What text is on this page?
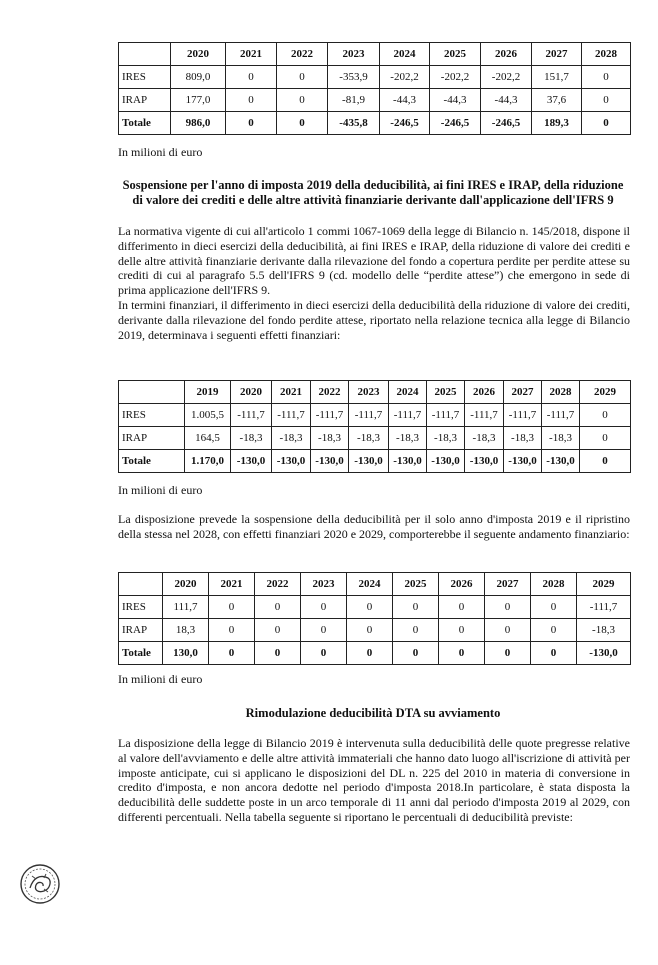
	2020	2021	2022	2023	2024	2025	2026	2027	2028
IRES	809,0	0	0	-353,9	-202,2	-202,2	-202,2	151,7	0
IRAP	177,0	0	0	-81,9	-44,3	-44,3	-44,3	37,6	0
Totale	986,0	0	0	-435,8	-246,5	-246,5	-246,5	189,3	0
In milioni di euro
Sospensione per l'anno di imposta 2019 della deducibilità, ai fini IRES e IRAP, della riduzione di valore dei crediti e delle altre attività finanziarie derivante dall'applicazione dell'IFRS 9

La normativa vigente di cui all'articolo 1 commi 1067-1069 della legge di Bilancio n. 145/2018, dispone il differimento in dieci esercizi della deducibilità, ai fini IRES e IRAP, della riduzione di valore dei crediti e delle altre attività finanziarie derivante dalla rilevazione del fondo a copertura perdite per perdite attese su crediti di cui al paragrafo 5.5 dell'IFRS 9 (cd. modello delle “perdite attese”) che emergono in sede di prima applicazione dell'IFRS 9.

In termini finanziari, il differimento in dieci esercizi della deducibilità della riduzione di valore dei crediti, derivante dalla rilevazione del fondo perdite attese, riportato nella relazione tecnica alla legge di Bilancio 2019, determinava i seguenti effetti finanziari:

	2019	2020	2021	2022	2023	2024	2025	2026	2027	2028	2029
IRES	1.005,5	-111,7	-111,7	-111,7	-111,7	-111,7	-111,7	-111,7	-111,7	-111,7	0
IRAP	164,5	-18,3	-18,3	-18,3	-18,3	-18,3	-18,3	-18,3	-18,3	-18,3	0
Totale	1.170,0	-130,0	-130,0	-130,0	-130,0	-130,0	-130,0	-130,0	-130,0	-130,0	0
In milioni di euro

La disposizione prevede la sospensione della deducibilità per il solo anno d'imposta 2019 e il ripristino della stessa nel 2028, con effetti finanziari 2020 e 2029, comporterebbe il seguente andamento finanziario:

	2020	2021	2022	2023	2024	2025	2026	2027	2028	2029
IRES	111,7	0	0	0	0	0	0	0	0	-111,7
IRAP	18,3	0	0	0	0	0	0	0	0	-18,3
Totale	130,0	0	0	0	0	0	0	0	0	-130,0
In milioni di euro
Rimodulazione deducibilità DTA su avviamento

La disposizione della legge di Bilancio 2019 è intervenuta sulla deducibilità delle quote pregresse relative al valore dell'avviamento e delle altre attività immateriali che hanno dato luogo all'iscrizione di attività per imposte anticipate, cui si applicano le disposizioni del DL n. 225 del 2010 in materia di conversione in credito d'imposta, e non ancora dedotte nel periodo d'imposta 2018.In particolare, è stata disposta la deducibilità delle suddette poste in un arco temporale di 11 anni dal periodo d'imposta 2019 al 2029, con differenti percentuali. Nella tabella seguente si riportano le percentuali di deducibilità previste:
